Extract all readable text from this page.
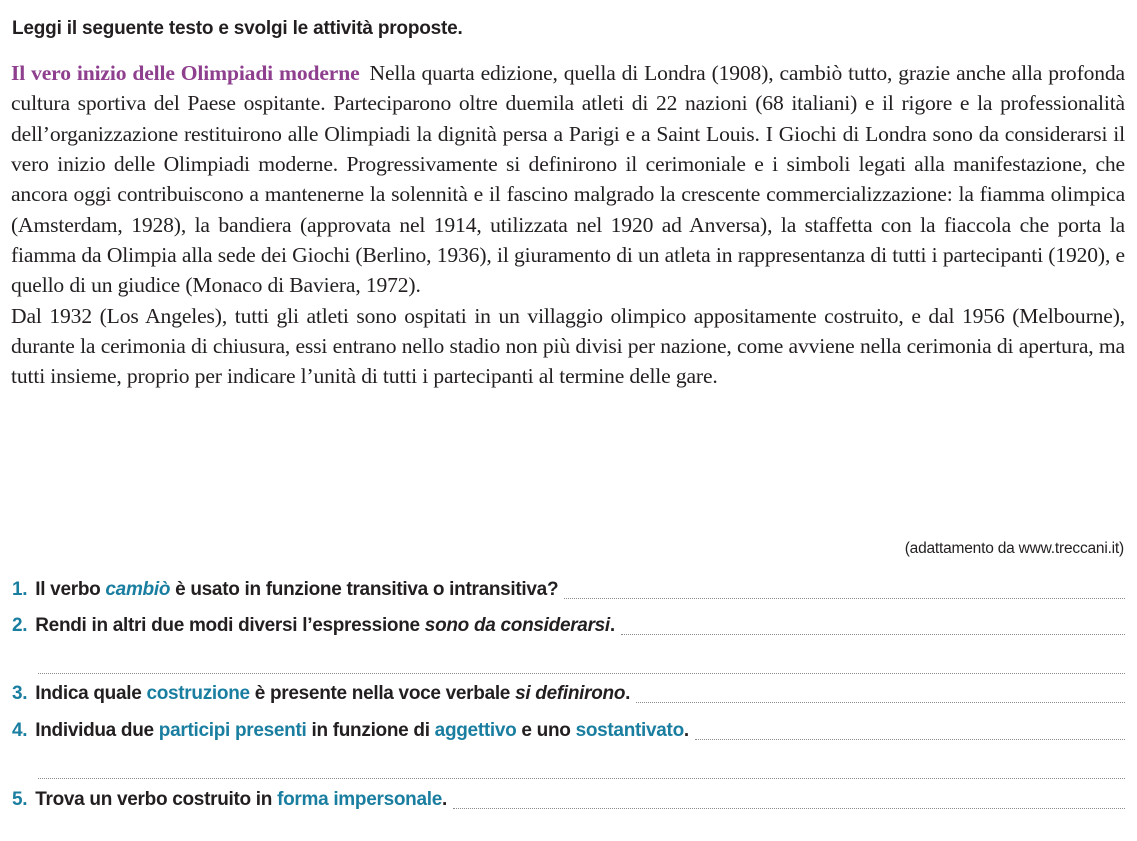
Leggi il seguente testo e svolgi le attività proposte.

Il vero inizio delle Olimpiadi moderne Nella quarta edizione, quella di Londra (1908), cambiò tutto, grazie anche alla profonda cultura sportiva del Paese ospitante. Parteciparono oltre duemila atleti di 22 nazioni (68 italiani) e il rigore e la professionalità dell’organizzazione restituirono alle Olimpiadi la dignità persa a Parigi e a Saint Louis. I Giochi di Londra sono da considerarsi il vero inizio delle Olimpiadi moderne. Progressivamente si definirono il cerimoniale e i simboli legati alla manifestazione, che ancora oggi contribuiscono a mantenerne la solennità e il fascino malgrado la crescente commercializzazione: la fiamma olimpica (Amsterdam, 1928), la bandiera (approvata nel 1914, utilizzata nel 1920 ad Anversa), la staffetta con la fiaccola che porta la fiamma da Olimpia alla sede dei Giochi (Berlino, 1936), il giuramento di un atleta in rappresentanza di tutti i partecipanti (1920), e quello di un giudice (Monaco di Baviera, 1972).

Dal 1932 (Los Angeles), tutti gli atleti sono ospitati in un villaggio olimpico appositamente costruito, e dal 1956 (Melbourne), durante la cerimonia di chiusura, essi entrano nello stadio non più divisi per nazione, come avviene nella cerimonia di apertura, ma tutti insieme, proprio per indicare l’unità di tutti i partecipanti al termine delle gare.

(adattamento da www.treccani.it)
1. Il verbo cambiò è usato in funzione transitiva o intransitiva?
2. Rendi in altri due modi diversi l’espressione sono da considerarsi .
3. Indica quale costruzione è presente nella voce verbale si definirono .
4. Individua due participi presenti in funzione di aggettivo e uno sostantivato .
5. Trova un verbo costruito in forma impersonale .
